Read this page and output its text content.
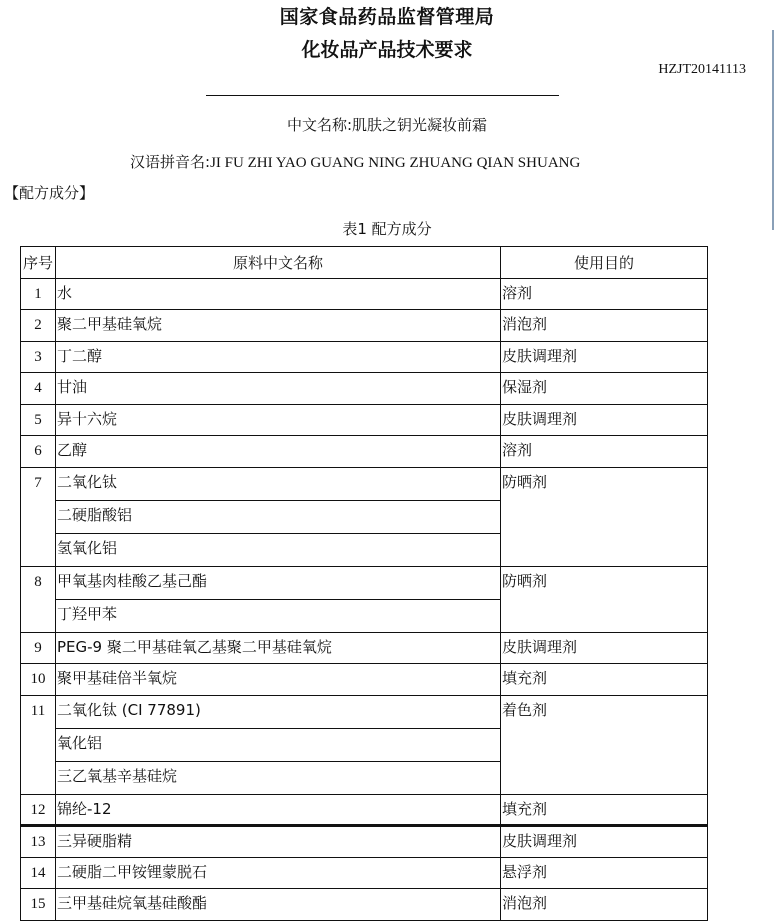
国家食品药品监督管理局
化妆品产品技术要求
HZJT20141113
中文名称:肌肤之钥光凝妆前霜
汉语拼音名:JI FU ZHI YAO GUANG NING ZHUANG QIAN SHUANG
【配方成分】
表1 配方成分
序号	原料中文名称	使用目的
1	水	溶剂
2	聚二甲基硅氧烷	消泡剂
3	丁二醇	皮肤调理剂
4	甘油	保湿剂
5	异十六烷	皮肤调理剂
6	乙醇	溶剂
7	二氧化钛	防晒剂
	二硬脂酸铝	
	氢氧化铝	
8	甲氧基肉桂酸乙基己酯	防晒剂
	丁羟甲苯	
9	PEG-9 聚二甲基硅氧乙基聚二甲基硅氧烷	皮肤调理剂
10	聚甲基硅倍半氧烷	填充剂
11	二氧化钛 (CI 77891)	着色剂
	氧化铝	
	三乙氧基辛基硅烷	
12	锦纶-12	填充剂
13	三异硬脂精	皮肤调理剂
14	二硬脂二甲铵锂蒙脱石	悬浮剂
15	三甲基硅烷氧基硅酸酯	消泡剂
